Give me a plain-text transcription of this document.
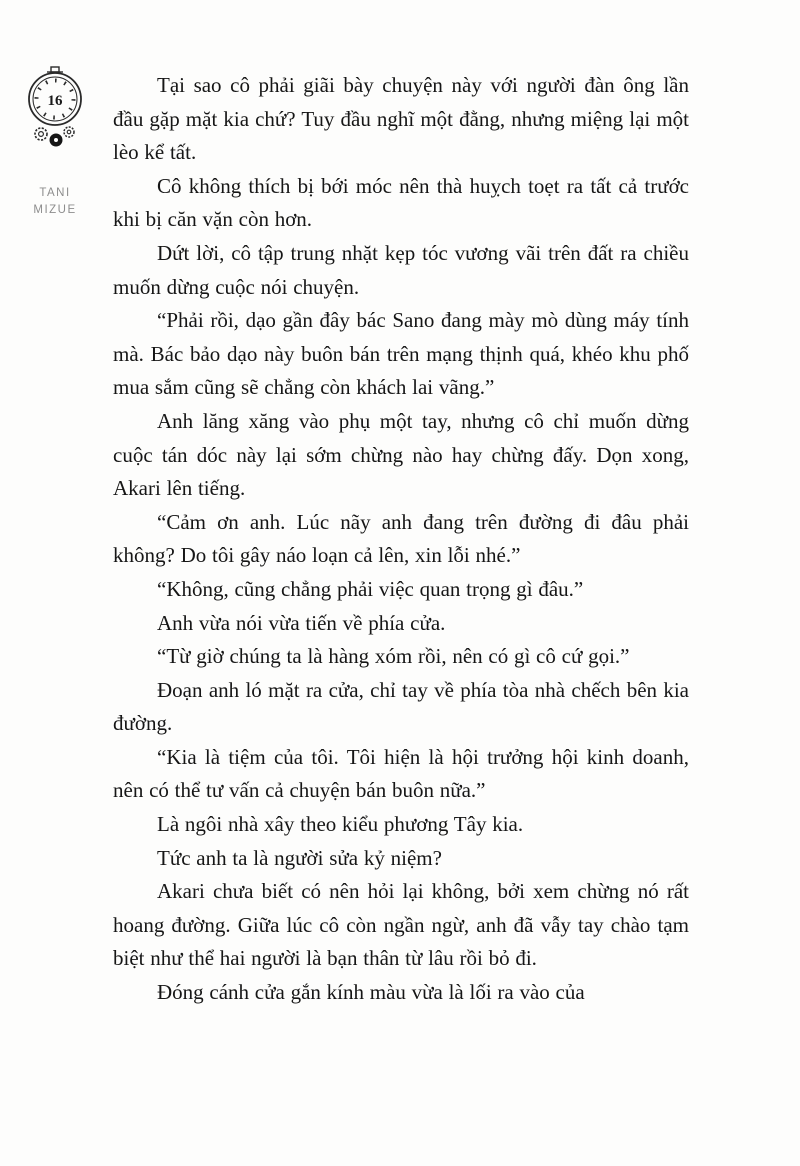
16
TANI
MIZUE

Tại sao cô phải giãi bày chuyện này với người đàn ông lần đầu gặp mặt kia chứ? Tuy đầu nghĩ một đằng, nhưng miệng lại một lèo kể tất.

Cô không thích bị bới móc nên thà huỵch toẹt ra tất cả trước khi bị căn vặn còn hơn.

Dứt lời, cô tập trung nhặt kẹp tóc vương vãi trên đất ra chiều muốn dừng cuộc nói chuyện.

“Phải rồi, dạo gần đây bác Sano đang mày mò dùng máy tính mà. Bác bảo dạo này buôn bán trên mạng thịnh quá, khéo khu phố mua sắm cũng sẽ chẳng còn khách lai vãng.”

Anh lăng xăng vào phụ một tay, nhưng cô chỉ muốn dừng cuộc tán dóc này lại sớm chừng nào hay chừng đấy. Dọn xong, Akari lên tiếng.

“Cảm ơn anh. Lúc nãy anh đang trên đường đi đâu phải không? Do tôi gây náo loạn cả lên, xin lỗi nhé.”

“Không, cũng chẳng phải việc quan trọng gì đâu.”

Anh vừa nói vừa tiến về phía cửa.

“Từ giờ chúng ta là hàng xóm rồi, nên có gì cô cứ gọi.”

Đoạn anh ló mặt ra cửa, chỉ tay về phía tòa nhà chếch bên kia đường.

“Kia là tiệm của tôi. Tôi hiện là hội trưởng hội kinh doanh, nên có thể tư vấn cả chuyện bán buôn nữa.”

Là ngôi nhà xây theo kiểu phương Tây kia.

Tức anh ta là người sửa kỷ niệm?

Akari chưa biết có nên hỏi lại không, bởi xem chừng nó rất hoang đường. Giữa lúc cô còn ngần ngừ, anh đã vẫy tay chào tạm biệt như thể hai người là bạn thân từ lâu rồi bỏ đi.

Đóng cánh cửa gắn kính màu vừa là lối ra vào của
